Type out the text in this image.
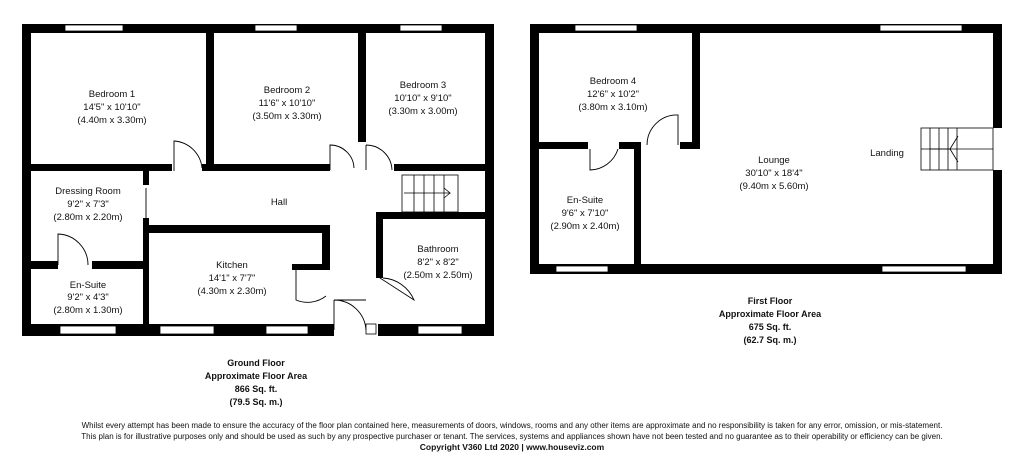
Bedroom 1
14'5" x 10'10"
(4.40m x 3.30m)
Bedroom 2
11'6" x 10'10"
(3.50m x 3.30m)
Bedroom 3
10'10" x 9'10"
(3.30m x 3.00m)
Dressing Room
9'2" x 7'3"
(2.80m x 2.20m)
Hall
Kitchen
14'1" x 7'7"
(4.30m x 2.30m)
Bathroom
8'2" x 8'2"
(2.50m x 2.50m)
En-Suite
9'2" x 4'3"
(2.80m x 1.30m)
Ground Floor
Approximate Floor Area
866 Sq. ft.
(79.5 Sq. m.)
Bedroom 4
12'6" x 10'2"
(3.80m x 3.10m)
Lounge
30'10" x 18'4"
(9.40m x 5.60m)
Landing
En-Suite
9'6" x 7'10"
(2.90m x 2.40m)
First Floor
Approximate Floor Area
675 Sq. ft.
(62.7 Sq. m.)
Whilst every attempt has been made to ensure the accuracy of the floor plan contained here, measurements of doors, windows, rooms and any other items are approximate and no responsibility is taken for any error, omission, or mis-statement.
This plan is for illustrative purposes only and should be used as such by any prospective purchaser or tenant. The services, systems and appliances shown have not been tested and no guarantee as to their operability or efficiency can be given.
Copyright V360 Ltd 2020 | www.houseviz.com
